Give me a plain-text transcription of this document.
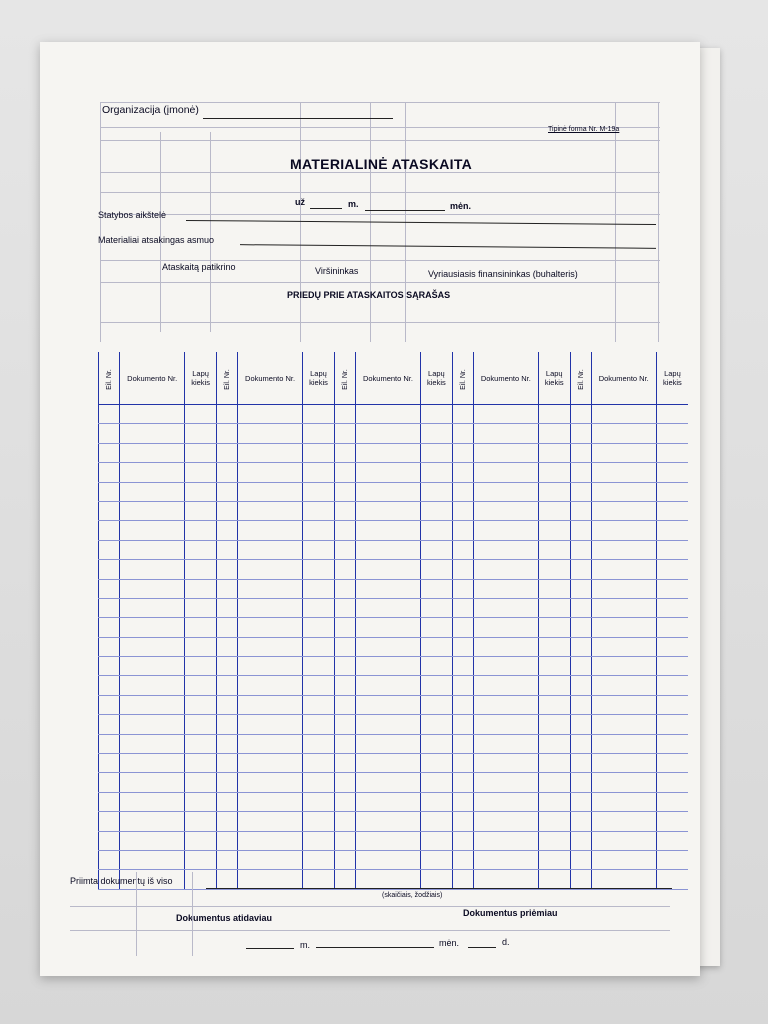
Organizacija (įmonė)
Tipinė forma Nr. M-19a
MATERIALINĖ ATASKAITA
už	m.	mėn.
Statybos aikštelė
Materialiai atsakingas asmuo
Ataskaitą patikrino	Viršininkas	Vyriausiasis finansininkas (buhalteris)
PRIEDŲ PRIE ATASKAITOS SĄRAŠAS
Eil. Nr.	Dokumento Nr.	Lapų kiekis	Eil. Nr.	Dokumento Nr.	Lapų kiekis	Eil. Nr.	Dokumento Nr.	Lapų kiekis	Eil. Nr.	Dokumento Nr.	Lapų kiekis	Eil. Nr.	Dokumento Nr.	Lapų kiekis

Priimta dokumentų iš viso
(skaičiais, žodžiais)
Dokumentus atidaviau	Dokumentus priėmiau
m.	mėn.	d.
